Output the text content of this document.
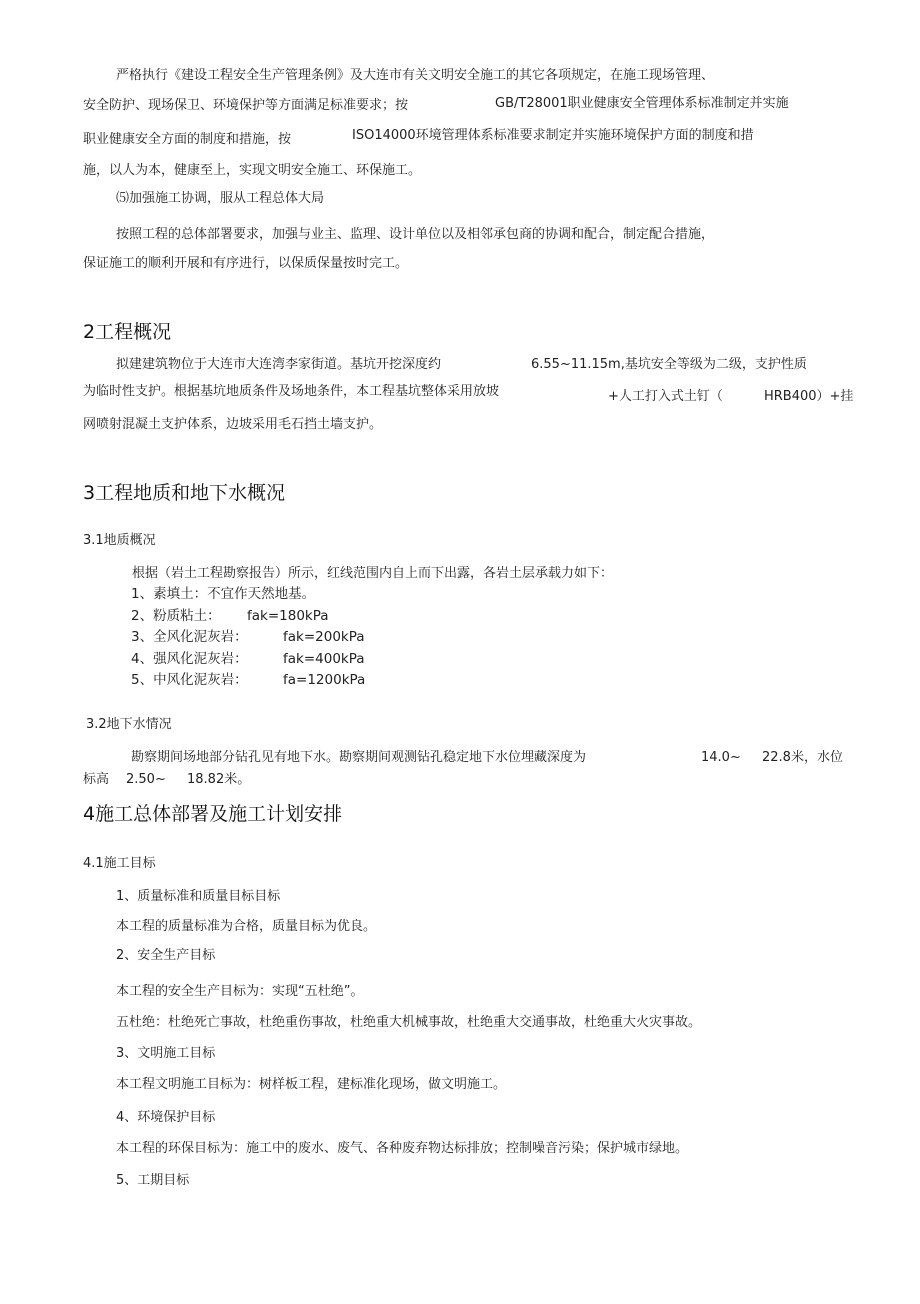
严格执行《建设工程安全生产管理条例》及大连市有关文明安全施工的其它各项规定，在施工现场管理、
安全防护、现场保卫、环境保护等方面满足标准要求；按	GB/T28001职业健康安全管理体系标准制定并实施
职业健康安全方面的制度和措施，按	ISO14000环境管理体系标准要求制定并实施环境保护方面的制度和措
施，以人为本，健康至上，实现文明安全施工、环保施工。
⑸加强施工协调，服从工程总体大局
按照工程的总体部署要求，加强与业主、监理、设计单位以及相邻承包商的协调和配合，制定配合措施，
保证施工的顺利开展和有序进行，以保质保量按时完工。
2工程概况
拟建建筑物位于大连市大连湾李家街道。基坑开挖深度约	6.55~11.15m,基坑安全等级为二级，支护性质
为临时性支护。根据基坑地质条件及场地条件，本工程基坑整体采用放坡	+人工打入式土钉（	HRB400）+挂
网喷射混凝土支护体系，边坡采用毛石挡土墙支护。
3工程地质和地下水概况
3.1地质概况
根据（岩土工程勘察报告）所示，红线范围内自上而下出露，各岩土层承载力如下：
1、素填土：不宜作天然地基。
2、粉质粘土： fak=180kPa
3、全风化泥灰岩：	fak=200kPa
4、强风化泥灰岩：	fak=400kPa
5、中风化泥灰岩：	fa=1200kPa
3.2地下水情况
勘察期间场地部分钻孔见有地下水。勘察期间观测钻孔稳定地下水位埋藏深度为	14.0~ 22.8米，水位
标高 2.50~ 18.82米。
4施工总体部署及施工计划安排
4.1施工目标
1、质量标准和质量目标目标
本工程的质量标准为合格，质量目标为优良。
2、安全生产目标
本工程的安全生产目标为：实现“五杜绝”。
五杜绝：杜绝死亡事故，杜绝重伤事故，杜绝重大机械事故，杜绝重大交通事故，杜绝重大火灾事故。
3、文明施工目标
本工程文明施工目标为：树样板工程，建标准化现场，做文明施工。
4、环境保护目标
本工程的环保目标为：施工中的废水、废气、各种废弃物达标排放；控制噪音污染；保护城市绿地。
5、工期目标
